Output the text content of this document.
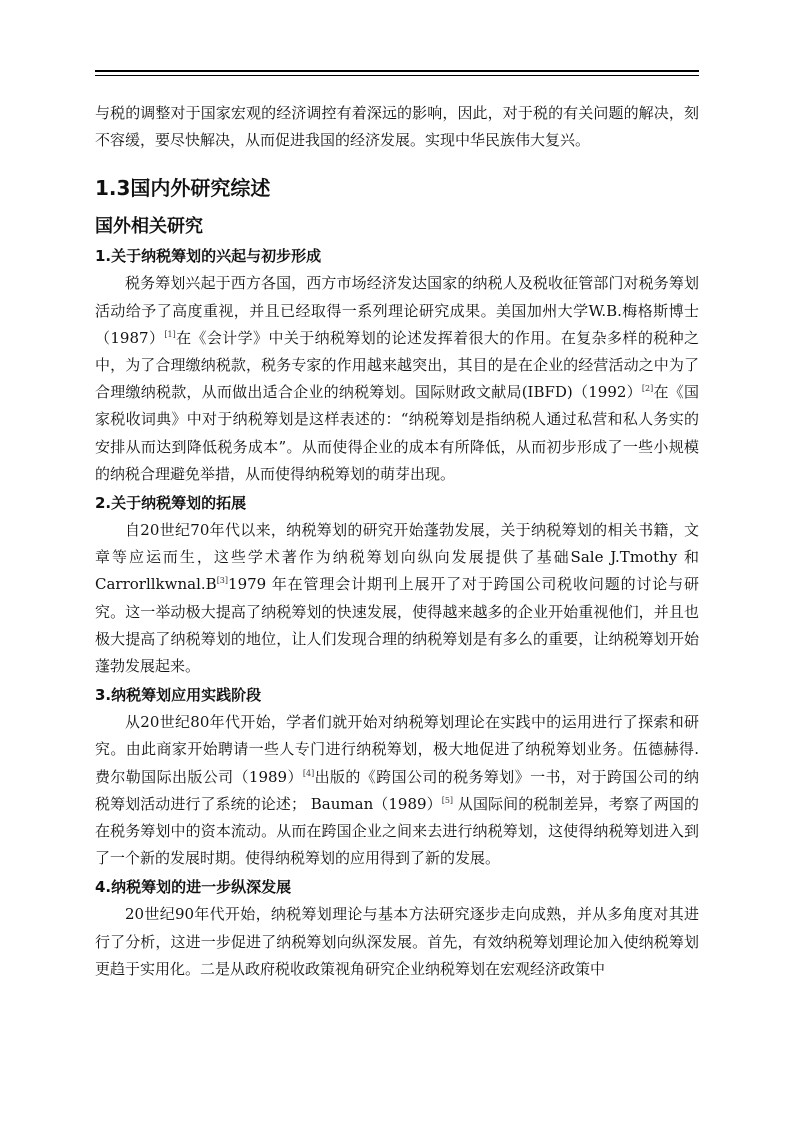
与税的调整对于国家宏观的经济调控有着深远的影响，因此，对于税的有关问题的解决，刻不容缓，要尽快解决，从而促进我国的经济发展。实现中华民族伟大复兴。

1.3国内外研究综述
国外相关研究
1.关于纳税筹划的兴起与初步形成

税务筹划兴起于西方各国，西方市场经济发达国家的纳税人及税收征管部门对税务筹划活动给予了高度重视，并且已经取得一系列理论研究成果。美国加州大学W.B.梅格斯博士（1987）[1]在《会计学》中关于纳税筹划的论述发挥着很大的作用。在复杂多样的税种之中，为了合理缴纳税款，税务专家的作用越来越突出，其目的是在企业的经营活动之中为了合理缴纳税款，从而做出适合企业的纳税筹划。国际财政文献局(IBFD)（1992）[2]在《国家税收词典》中对于纳税筹划是这样表述的：“纳税筹划是指纳税人通过私营和私人务实的安排从而达到降低税务成本”。从而使得企业的成本有所降低，从而初步形成了一些小规模的纳税合理避免举措，从而使得纳税筹划的萌芽出现。

2.关于纳税筹划的拓展

自20世纪70年代以来，纳税筹划的研究开始蓬勃发展，关于纳税筹划的相关书籍，文章等应运而生，这些学术著作为纳税筹划向纵向发展提供了基础Sale J.Tmothy 和Carrorllkwnal.B[3]1979 年在管理会计期刊上展开了对于跨国公司税收问题的讨论与研究。这一举动极大提高了纳税筹划的快速发展，使得越来越多的企业开始重视他们，并且也极大提高了纳税筹划的地位，让人们发现合理的纳税筹划是有多么的重要，让纳税筹划开始蓬勃发展起来。

3.纳税筹划应用实践阶段

从20世纪80年代开始，学者们就开始对纳税筹划理论在实践中的运用进行了探索和研究。由此商家开始聘请一些人专门进行纳税筹划，极大地促进了纳税筹划业务。伍德赫得.费尔勒国际出版公司（1989）[4]出版的《跨国公司的税务筹划》一书，对于跨国公司的纳税筹划活动进行了系统的论述； Bauman（1989）[5] 从国际间的税制差异，考察了两国的在税务筹划中的资本流动。从而在跨国企业之间来去进行纳税筹划，这使得纳税筹划进入到了一个新的发展时期。使得纳税筹划的应用得到了新的发展。

4.纳税筹划的进一步纵深发展

20世纪90年代开始，纳税筹划理论与基本方法研究逐步走向成熟，并从多角度对其进行了分析，这进一步促进了纳税筹划向纵深发展。首先，有效纳税筹划理论加入使纳税筹划更趋于实用化。二是从政府税收政策视角研究企业纳税筹划在宏观经济政策中
